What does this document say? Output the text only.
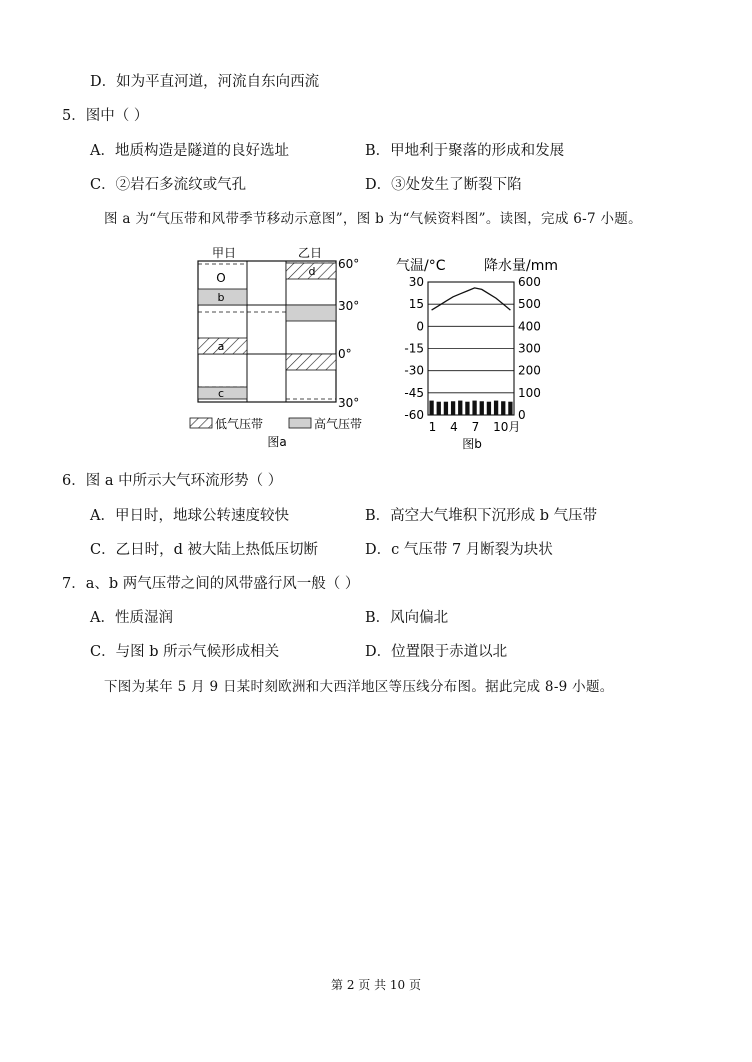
D．如为平直河道，河流自东向西流
5．图中（ ）
A．地质构造是隧道的良好选址	B．甲地利于聚落的形成和发展
C．②岩石多流纹或气孔	D．③处发生了断裂下陷
图 a 为“气压带和风带季节移动示意图”，图 b 为“气候资料图”。读图，完成 6-7 小题。
甲日	乙日
O
b
a
c
d
60°
30°
0°
30°
低气压带	高气压带
图a
气温/°C	降水量/mm
30
15
0
-15
-30
-45
-60
600
500
400
300
200
100
0
1 4 7 10月
图b
6．图 a 中所示大气环流形势（ ）
A．甲日时，地球公转速度较快	B．高空大气堆积下沉形成 b 气压带
C．乙日时，d 被大陆上热低压切断	D．c 气压带 7 月断裂为块状
7．a、b 两气压带之间的风带盛行风一般（ ）
A．性质湿润	B．风向偏北
C．与图 b 所示气候形成相关	D．位置限于赤道以北
下图为某年 5 月 9 日某时刻欧洲和大西洋地区等压线分布图。据此完成 8-9 小题。
第 2 页 共 10 页
